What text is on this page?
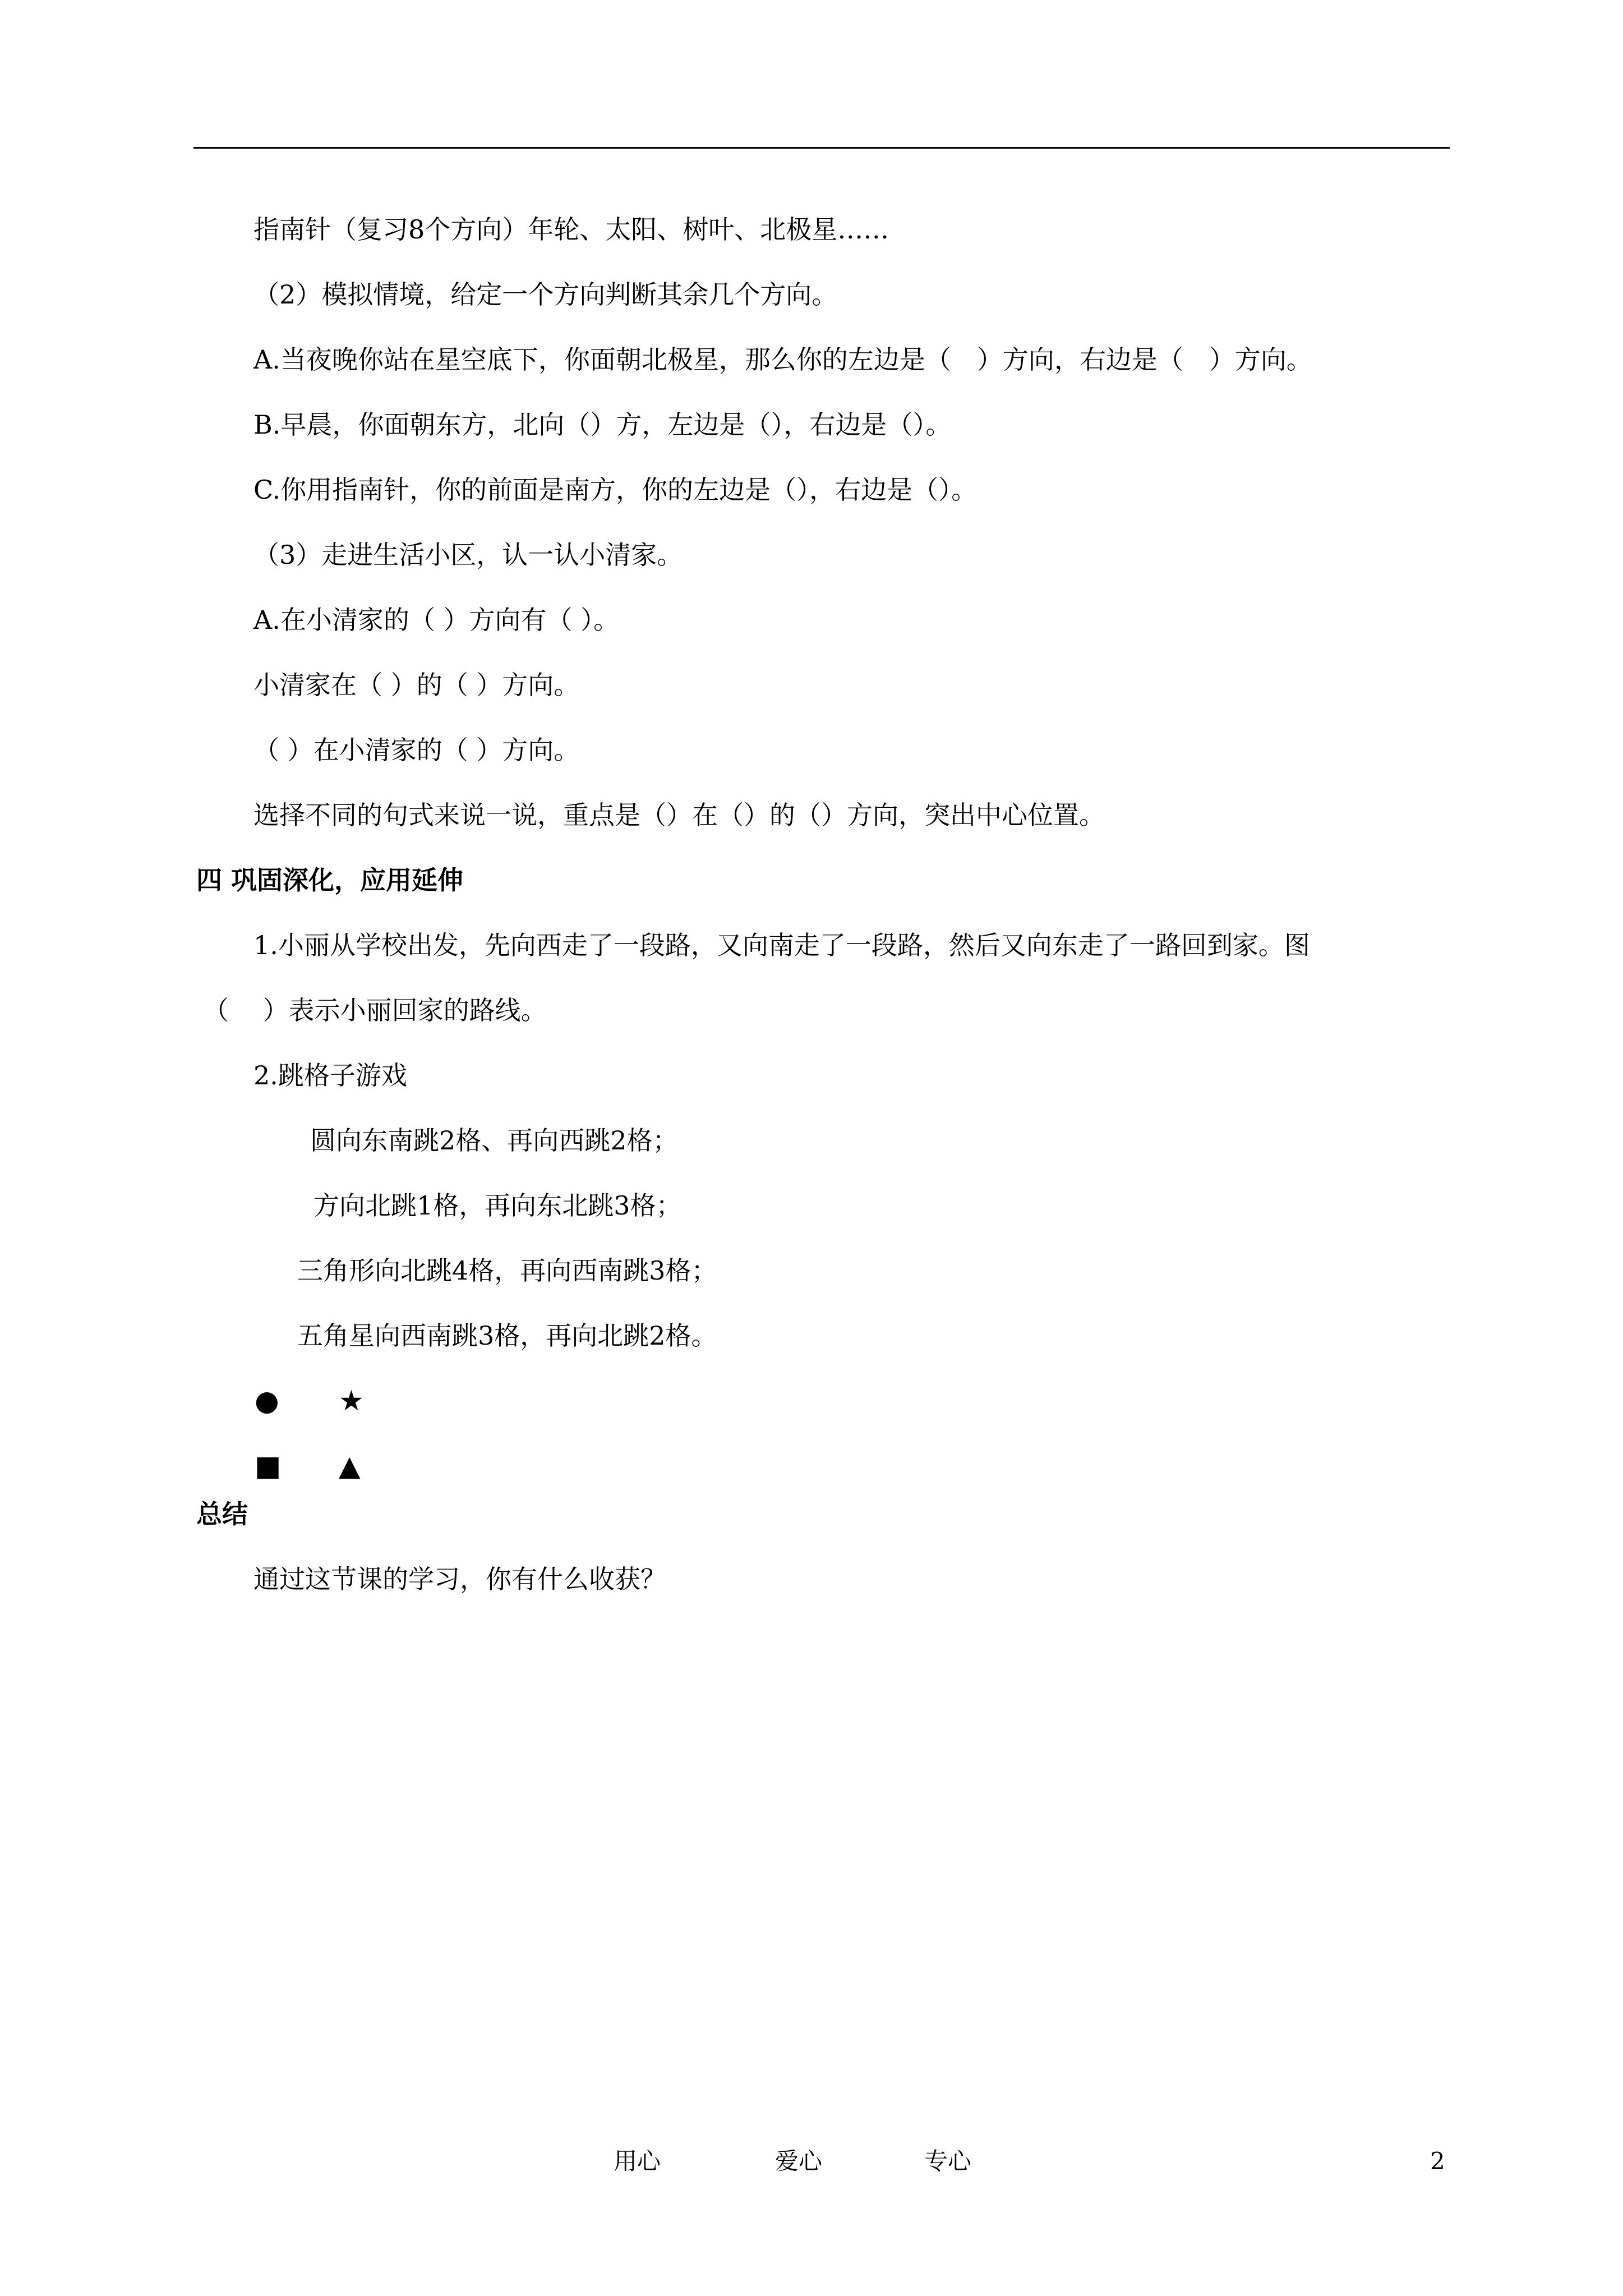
指南针（复习8个方向）年轮、太阳、树叶、北极星……
（2）模拟情境，给定一个方向判断其余几个方向。
A.当夜晚你站在星空底下，你面朝北极星，那么你的左边是（　）方向，右边是（　）方向。
B.早晨，你面朝东方，北向（）方，左边是（），右边是（）。
C.你用指南针，你的前面是南方，你的左边是（），右边是（）。
（3）走进生活小区，认一认小清家。
A.在小清家的（ ）方向有（ ）。
小清家在（ ）的（ ）方向。
（ ）在小清家的（ ）方向。
选择不同的句式来说一说，重点是（）在（）的（）方向，突出中心位置。
四 巩固深化，应用延伸
1.小丽从学校出发，先向西走了一段路，又向南走了一段路，然后又向东走了一路回到家。图
（　 ）表示小丽回家的路线。
2.跳格子游戏
圆向东南跳2格、再向西跳2格；
方向北跳1格，再向东北跳3格；
三角形向北跳4格，再向西南跳3格；
五角星向西南跳3格，再向北跳2格。
● ★
■ ▲
总结
通过这节课的学习，你有什么收获？
用心	爱心	专心	2
